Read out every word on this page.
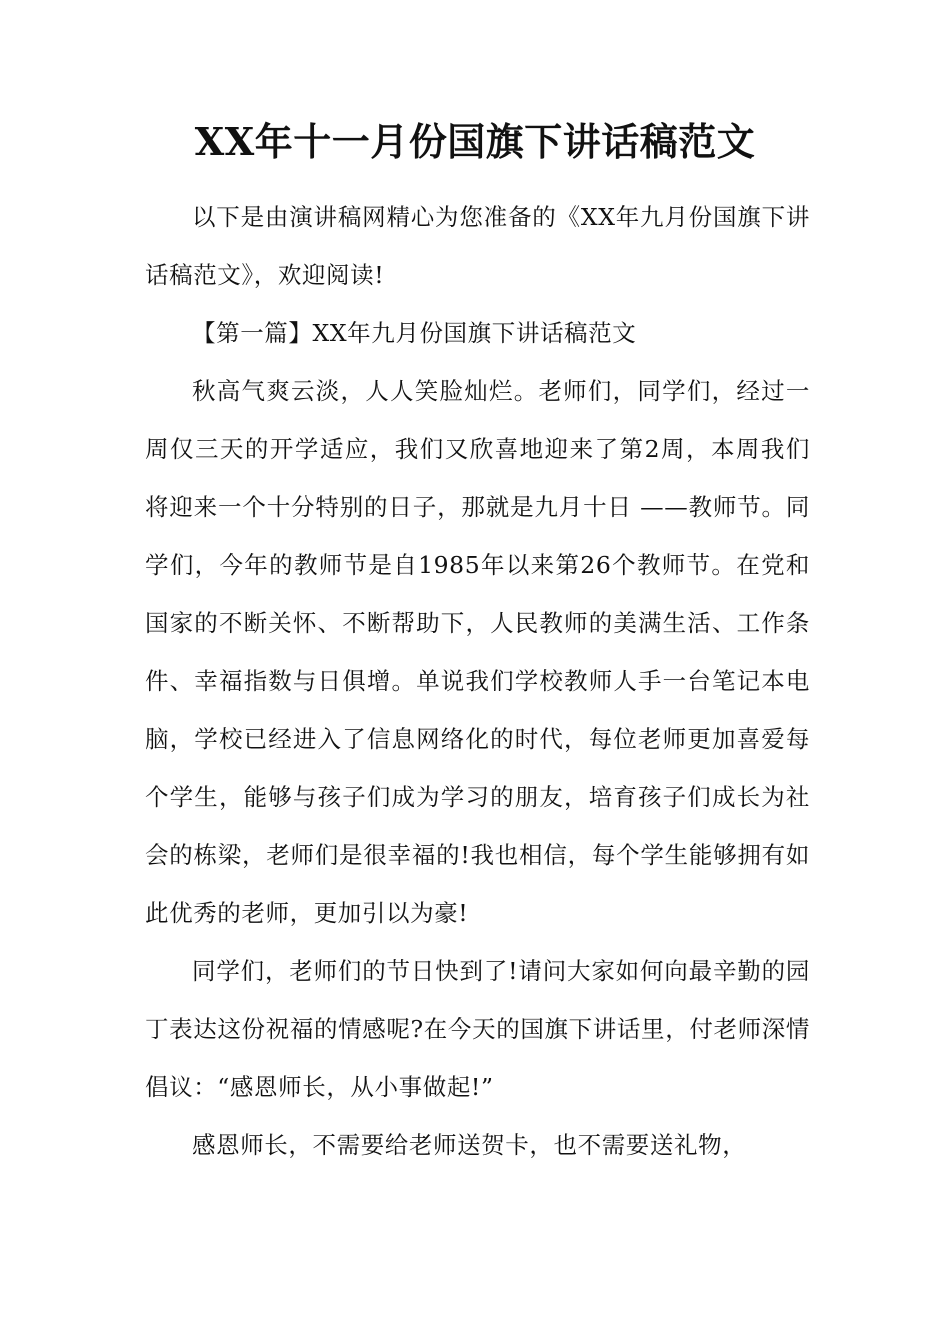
XX年十一月份国旗下讲话稿范文

以下是由演讲稿网精心为您准备的《XX年九月份国旗下讲话稿范文》，欢迎阅读!

【第一篇】XX年九月份国旗下讲话稿范文

秋高气爽云淡，人人笑脸灿烂。老师们，同学们，经过一周仅三天的开学适应，我们又欣喜地迎来了第2周，本周我们将迎来一个十分特别的日子，那就是九月十日 ——教师节。同学们，今年的教师节是自1985年以来第26个教师节。在党和国家的不断关怀、不断帮助下，人民教师的美满生活、工作条件、幸福指数与日俱增。单说我们学校教师人手一台笔记本电脑，学校已经进入了信息网络化的时代，每位老师更加喜爱每个学生，能够与孩子们成为学习的朋友，培育孩子们成长为社会的栋梁，老师们是很幸福的!我也相信，每个学生能够拥有如此优秀的老师，更加引以为豪!

同学们，老师们的节日快到了!请问大家如何向最辛勤的园丁表达这份祝福的情感呢?在今天的国旗下讲话里，付老师深情倡议：“感恩师长，从小事做起!”

感恩师长，不需要给老师送贺卡，也不需要送礼物，
